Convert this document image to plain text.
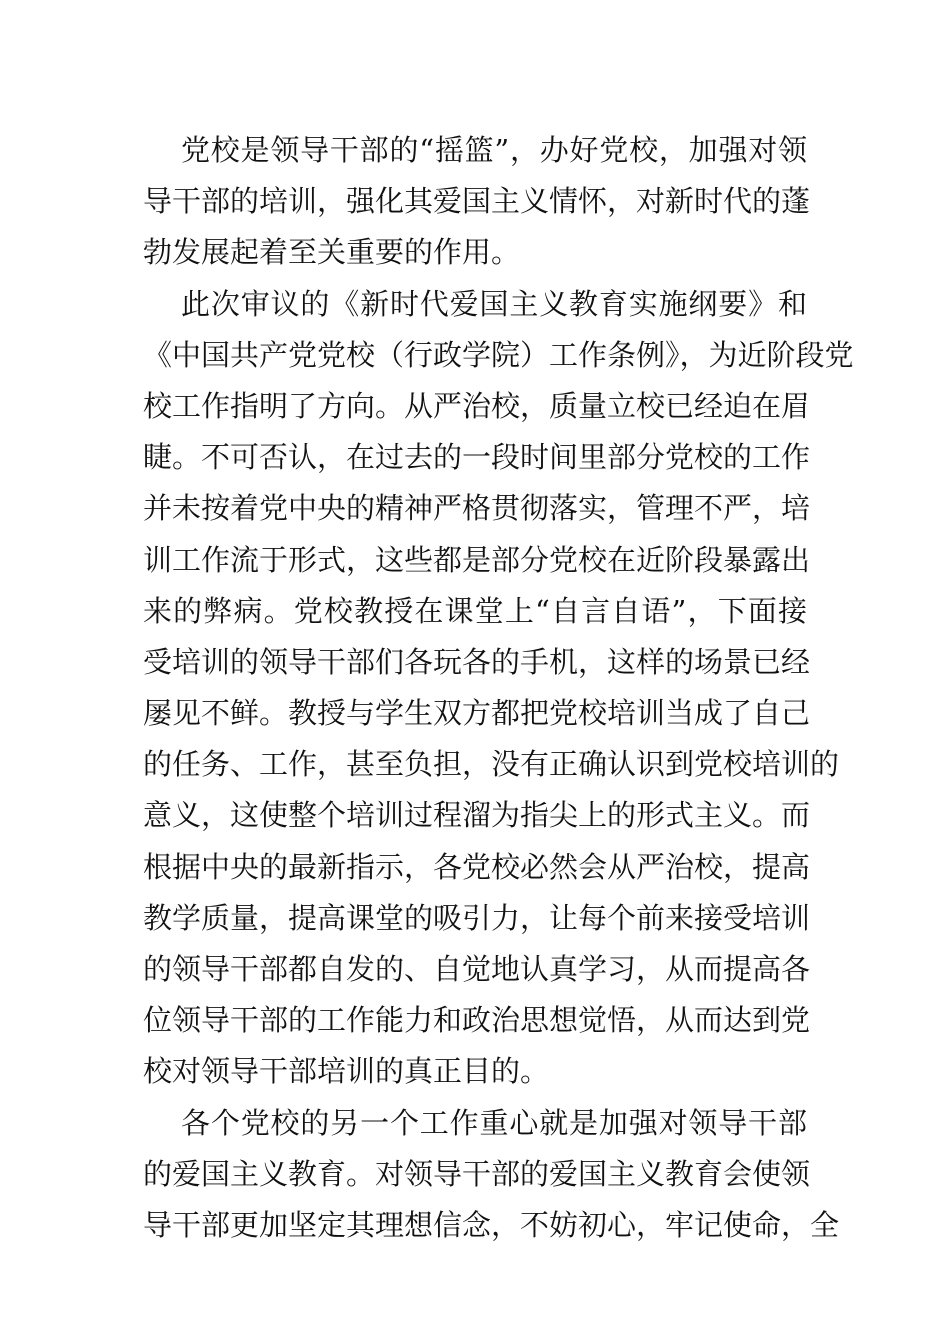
党校是领导干部的“摇篮”，办好党校，加强对领
导干部的培训，强化其爱国主义情怀，对新时代的蓬
勃发展起着至关重要的作用。
此次审议的《新时代爱国主义教育实施纲要》和
《中国共产党党校（行政学院）工作条例》，为近阶段党
校工作指明了方向。从严治校，质量立校已经迫在眉
睫。不可否认，在过去的一段时间里部分党校的工作
并未按着党中央的精神严格贯彻落实，管理不严，培
训工作流于形式，这些都是部分党校在近阶段暴露出
来的弊病。党校教授在课堂上“自言自语”，下面接
受培训的领导干部们各玩各的手机，这样的场景已经
屡见不鲜。教授与学生双方都把党校培训当成了自己
的任务、工作，甚至负担，没有正确认识到党校培训的
意义，这使整个培训过程溜为指尖上的形式主义。而
根据中央的最新指示，各党校必然会从严治校，提高
教学质量，提高课堂的吸引力，让每个前来接受培训
的领导干部都自发的、自觉地认真学习，从而提高各
位领导干部的工作能力和政治思想觉悟，从而达到党
校对领导干部培训的真正目的。
各个党校的另一个工作重心就是加强对领导干部
的爱国主义教育。对领导干部的爱国主义教育会使领
导干部更加坚定其理想信念，不妨初心，牢记使命，全
